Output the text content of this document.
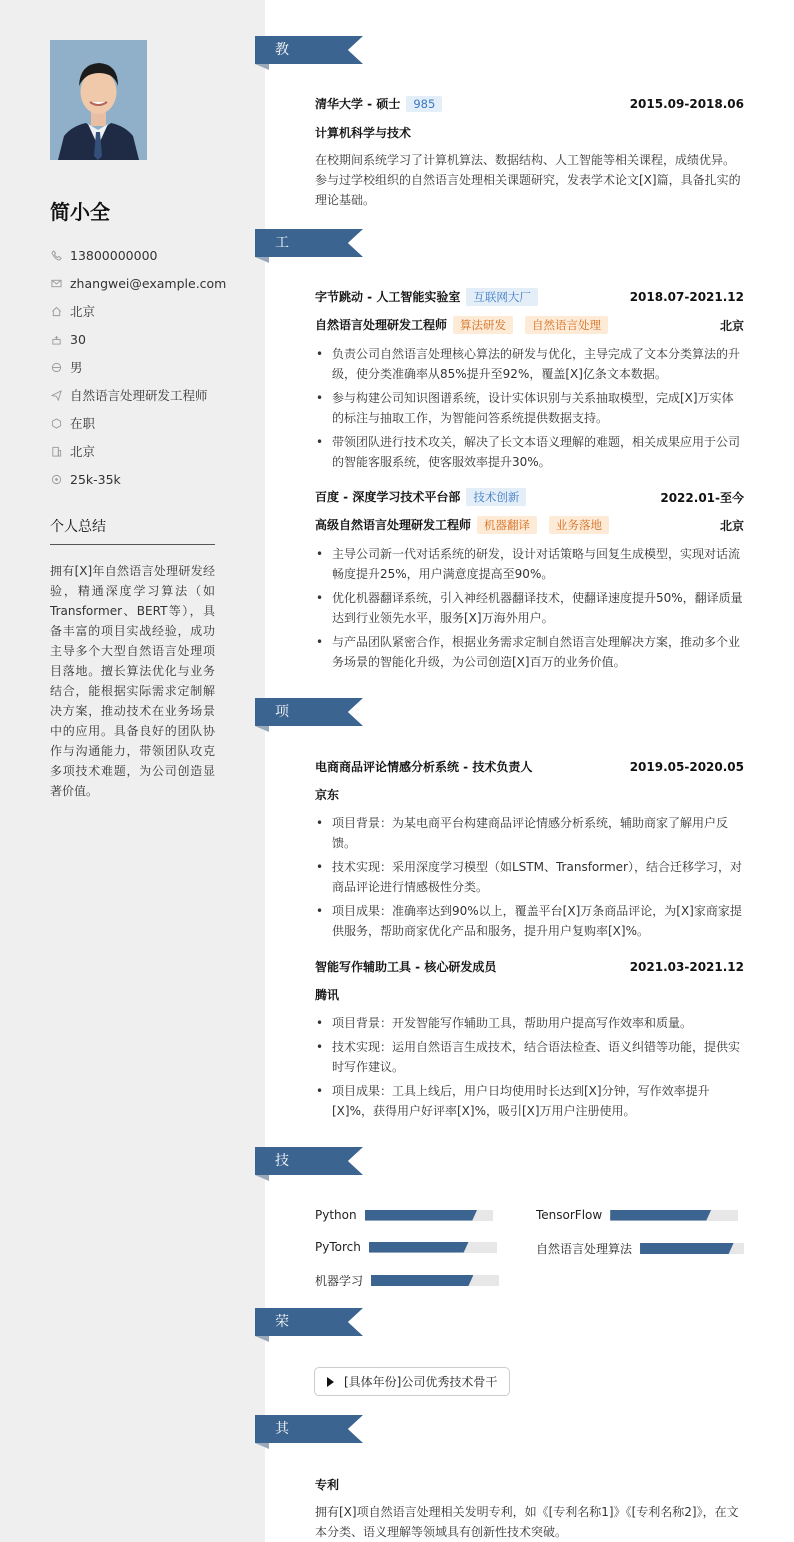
简小全
13800000000
zhangwei@example.com
北京
30
男
自然语言处理研发工程师
在职
北京
25k-35k
个人总结
拥有[X]年自然语言处理研发经验，精通深度学习算法（如Transformer、BERT等），具备丰富的项目实战经验，成功主导多个大型自然语言处理项目落地。擅长算法优化与业务结合，能根据实际需求定制解决方案，推动技术在业务场景中的应用。具备良好的团队协作与沟通能力，带领团队攻克多项技术难题，为公司创造显著价值。
教育经历
清华大学 - 硕士 985	2015.09-2018.06
计算机科学与技术
在校期间系统学习了计算机算法、数据结构、人工智能等相关课程，成绩优异。参与过学校组织的自然语言处理相关课题研究，发表学术论文[X]篇，具备扎实的理论基础。
工作经历
字节跳动 - 人工智能实验室 互联网大厂	2018.07-2021.12
自然语言处理研发工程师 算法研发 自然语言处理	北京
• 负责公司自然语言处理核心算法的研发与优化，主导完成了文本分类算法的升级，使分类准确率从85%提升至92%，覆盖[X]亿条文本数据。
• 参与构建公司知识图谱系统，设计实体识别与关系抽取模型，完成[X]万实体的标注与抽取工作，为智能问答系统提供数据支持。
• 带领团队进行技术攻关，解决了长文本语义理解的难题，相关成果应用于公司的智能客服系统，使客服效率提升30%。
百度 - 深度学习技术平台部 技术创新	2022.01-至今
高级自然语言处理研发工程师 机器翻译 业务落地	北京
• 主导公司新一代对话系统的研发，设计对话策略与回复生成模型，实现对话流畅度提升25%，用户满意度提高至90%。
• 优化机器翻译系统，引入神经机器翻译技术，使翻译速度提升50%，翻译质量达到行业领先水平，服务[X]万海外用户。
• 与产品团队紧密合作，根据业务需求定制自然语言处理解决方案，推动多个业务场景的智能化升级，为公司创造[X]百万的业务价值。
项目经历
电商商品评论情感分析系统 - 技术负责人	2019.05-2020.05
京东
• 项目背景：为某电商平台构建商品评论情感分析系统，辅助商家了解用户反馈。
• 技术实现：采用深度学习模型（如LSTM、Transformer），结合迁移学习，对商品评论进行情感极性分类。
• 项目成果：准确率达到90%以上，覆盖平台[X]万条商品评论，为[X]家商家提供服务，帮助商家优化产品和服务，提升用户复购率[X]%。
智能写作辅助工具 - 核心研发成员	2021.03-2021.12
腾讯
• 项目背景：开发智能写作辅助工具，帮助用户提高写作效率和质量。
• 技术实现：运用自然语言生成技术，结合语法检查、语义纠错等功能，提供实时写作建议。
• 项目成果：工具上线后，用户日均使用时长达到[X]分钟，写作效率提升[X]%，获得用户好评率[X]%，吸引[X]万用户注册使用。
技能专长
Python	TensorFlow
PyTorch	自然语言处理算法
机器学习
荣誉奖项
[具体年份]公司优秀技术骨干
其他信息
专利
拥有[X]项自然语言处理相关发明专利，如《[专利名称1]》《[专利名称2]》，在文本分类、语义理解等领域具有创新性技术突破。
